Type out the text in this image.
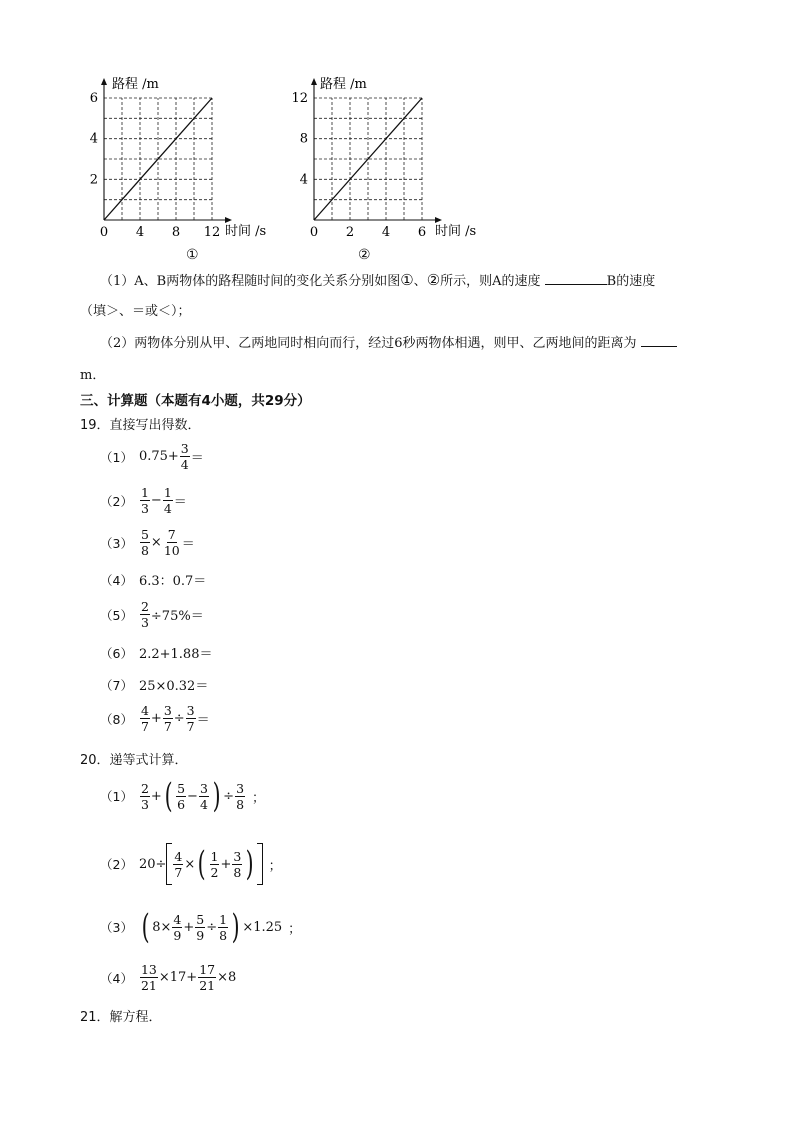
路程 /m
时间 /s
0 4 8 12
2
4
6
①
路程 /m
时间 /s
0 2 4 6
4
8
12
②
（1）A、B两物体的路程随时间的变化关系分别如图①、②所示，则A的速度	B的速度
（填＞、＝或＜）；
（2）两物体分别从甲、乙两地同时相向而行，经过6秒两物体相遇，则甲、乙两地间的距离为
m．
三、计算题（本题有4小题，共29分）
19．直接写出得数．
（1） $0.75+ \frac{3}{4}$ ＝
$(2) \frac{1}{3} - \frac{1}{4}$ ＝
$(3) \frac{5}{8} \times \frac{7}{10}$ ＝
（4） 6.3：0.7＝
$(5) \frac{2}{3} \div 75\%=$
（6） 2.2+1.88＝
（7） 25×0.32＝
$(8) \frac{4}{7} + \frac{3}{7} \div \frac{3}{7}$ ＝
20．递等式计算．
$(1) \frac{2}{3}$ + ( $\frac{5}{6} - \frac{3}{4}$ ) ÷ $\frac{3}{8}$ ；
（2） $20\div \frac{4}{7}$ × ( $\frac{1}{2} + \frac{3}{8}$ ) ；
（3） ( $8\times \frac{4}{9} + \frac{5}{9} \div \frac{1}{8}$ ) ×1.25 ；
$(4) \frac{13}{21} \times 17+ \frac{17}{21} \times 8$
21．解方程．
